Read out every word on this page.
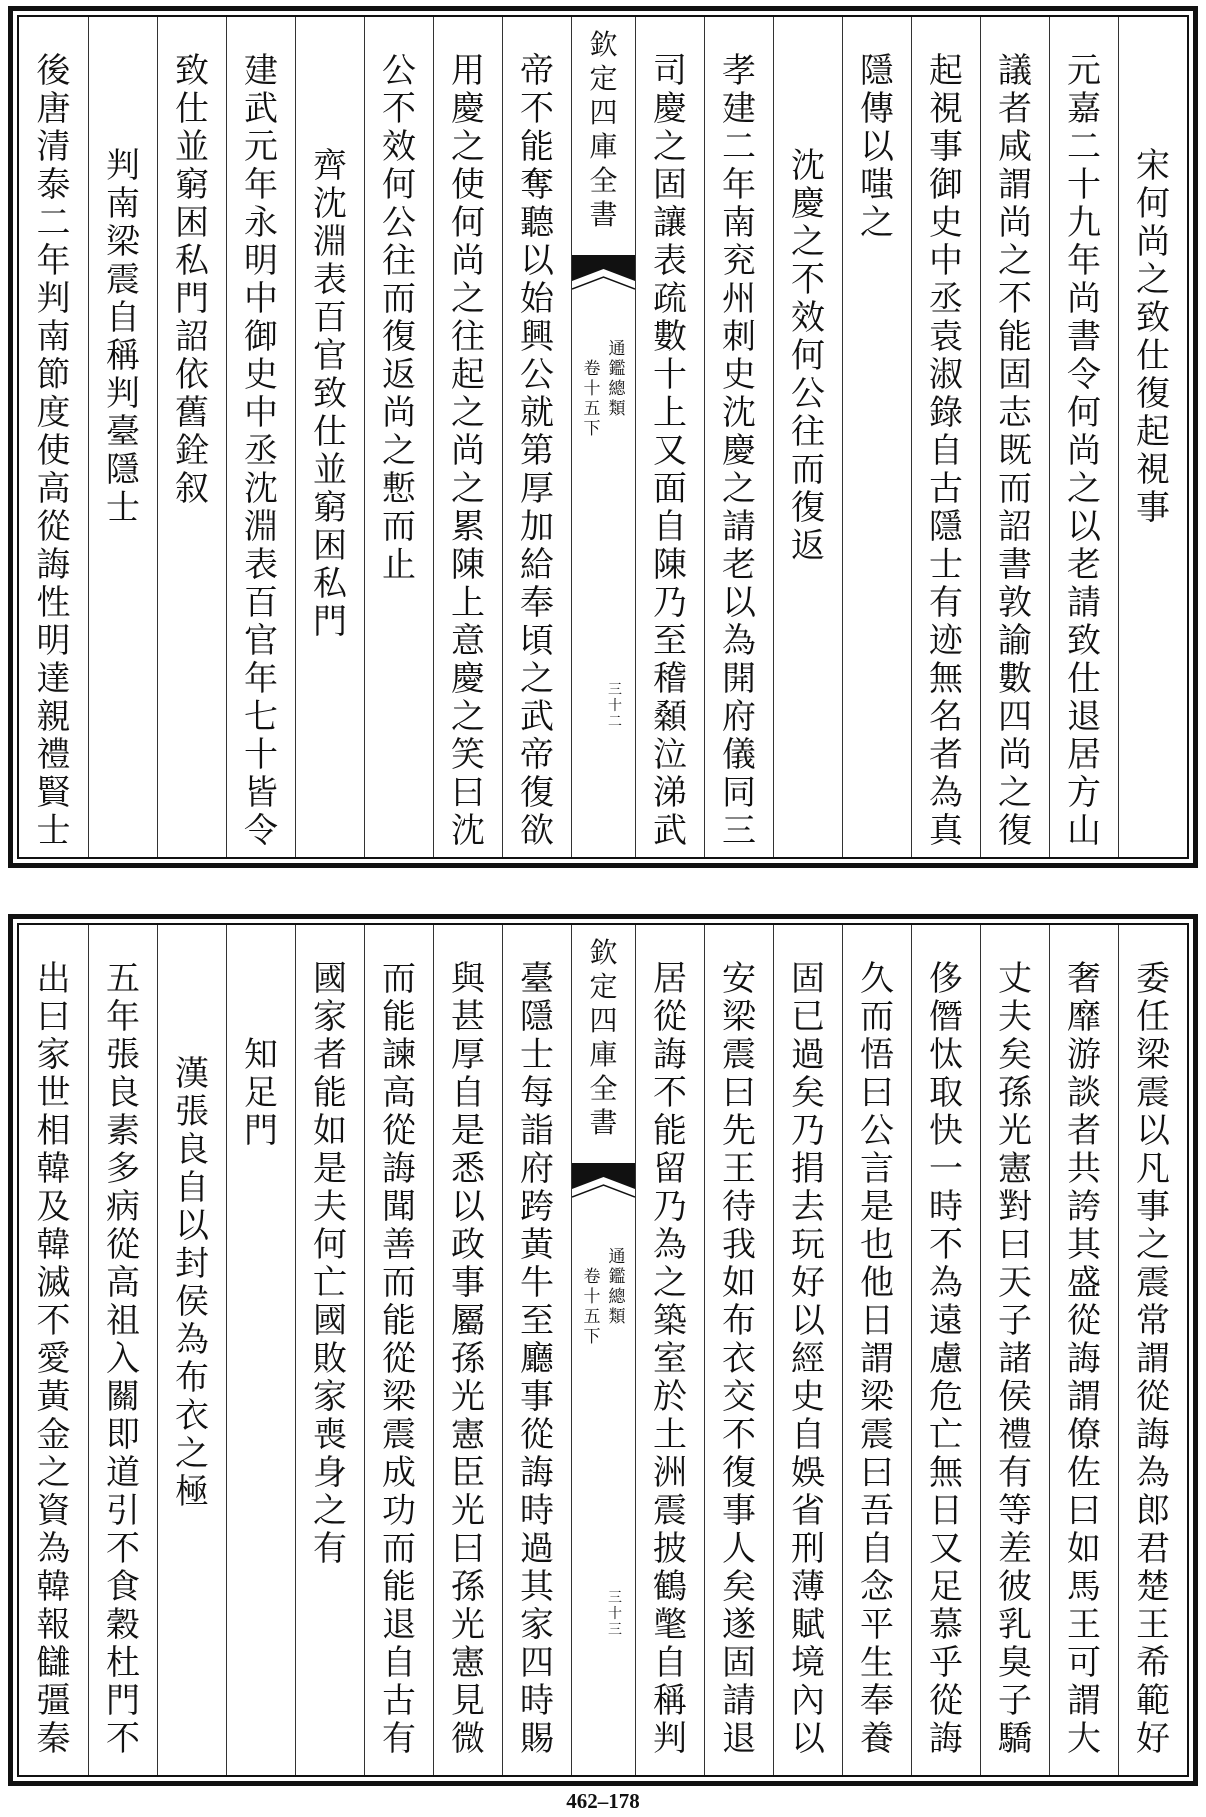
宋
何
尚
之
致
仕
復
起
視
事
元
嘉
二
十
九
年
尚
書
令
何
尚
之
以
老
請
致
仕
退
居
方
山
議
者
咸
謂
尚
之
不
能
固
志
既
而
詔
書
敦
諭
數
四
尚
之
復
起
視
事
御
史
中
丞
袁
淑
錄
自
古
隱
士
有
迹
無
名
者
為
真
隱
傳
以
嗤
之
沈
慶
之
不
效
何
公
往
而
復
返
孝
建
二
年
南
兖
州
刺
史
沈
慶
之
請
老
以
為
開
府
儀
同
三
司
慶
之
固
讓
表
疏
數
十
上
又
面
自
陳
乃
至
稽
顙
泣
涕
武
欽
定
四
庫
全
書
通
鑑
總
類
卷
十
五
下
三
十
二
帝
不
能
奪
聽
以
始
興
公
就
第
厚
加
給
奉
頃
之
武
帝
復
欲
用
慶
之
使
何
尚
之
往
起
之
尚
之
累
陳
上
意
慶
之
笑
曰
沈
公
不
效
何
公
往
而
復
返
尚
之
慙
而
止
齊
沈
淵
表
百
官
致
仕
並
窮
困
私
門
建
武
元
年
永
明
中
御
史
中
丞
沈
淵
表
百
官
年
七
十
皆
令
致
仕
並
窮
困
私
門
詔
依
舊
銓
叙
判
南
梁
震
自
稱
判
臺
隱
士
後
唐
清
泰
二
年
判
南
節
度
使
高
從
誨
性
明
達
親
禮
賢
士
委
任
梁
震
以
凡
事
之
震
常
謂
從
誨
為
郎
君
楚
王
希
範
好
奢
靡
游
談
者
共
誇
其
盛
從
誨
謂
僚
佐
曰
如
馬
王
可
謂
大
丈
夫
矣
孫
光
憲
對
曰
天
子
諸
侯
禮
有
等
差
彼
乳
臭
子
驕
侈
僭
忲
取
快
一
時
不
為
遠
慮
危
亡
無
日
又
足
慕
乎
從
誨
久
而
悟
曰
公
言
是
也
他
日
謂
梁
震
曰
吾
自
念
平
生
奉
養
固
已
過
矣
乃
捐
去
玩
好
以
經
史
自
娛
省
刑
薄
賦
境
內
以
安
梁
震
曰
先
王
待
我
如
布
衣
交
不
復
事
人
矣
遂
固
請
退
居
從
誨
不
能
留
乃
為
之
築
室
於
土
洲
震
披
鶴
氅
自
稱
判
欽
定
四
庫
全
書
通
鑑
總
類
卷
十
五
下
三
十
三
臺
隱
士
每
詣
府
跨
黃
牛
至
廳
事
從
誨
時
過
其
家
四
時
賜
與
甚
厚
自
是
悉
以
政
事
屬
孫
光
憲
臣
光
曰
孫
光
憲
見
微
而
能
諫
高
從
誨
聞
善
而
能
從
梁
震
成
功
而
能
退
自
古
有
國
家
者
能
如
是
夫
何
亡
國
敗
家
喪
身
之
有
知
足
門
漢
張
良
自
以
封
侯
為
布
衣
之
極
五
年
張
良
素
多
病
從
高
祖
入
關
即
道
引
不
食
穀
杜
門
不
出
曰
家
世
相
韓
及
韓
滅
不
愛
黃
金
之
資
為
韓
報
讎
彊
秦
462–178
